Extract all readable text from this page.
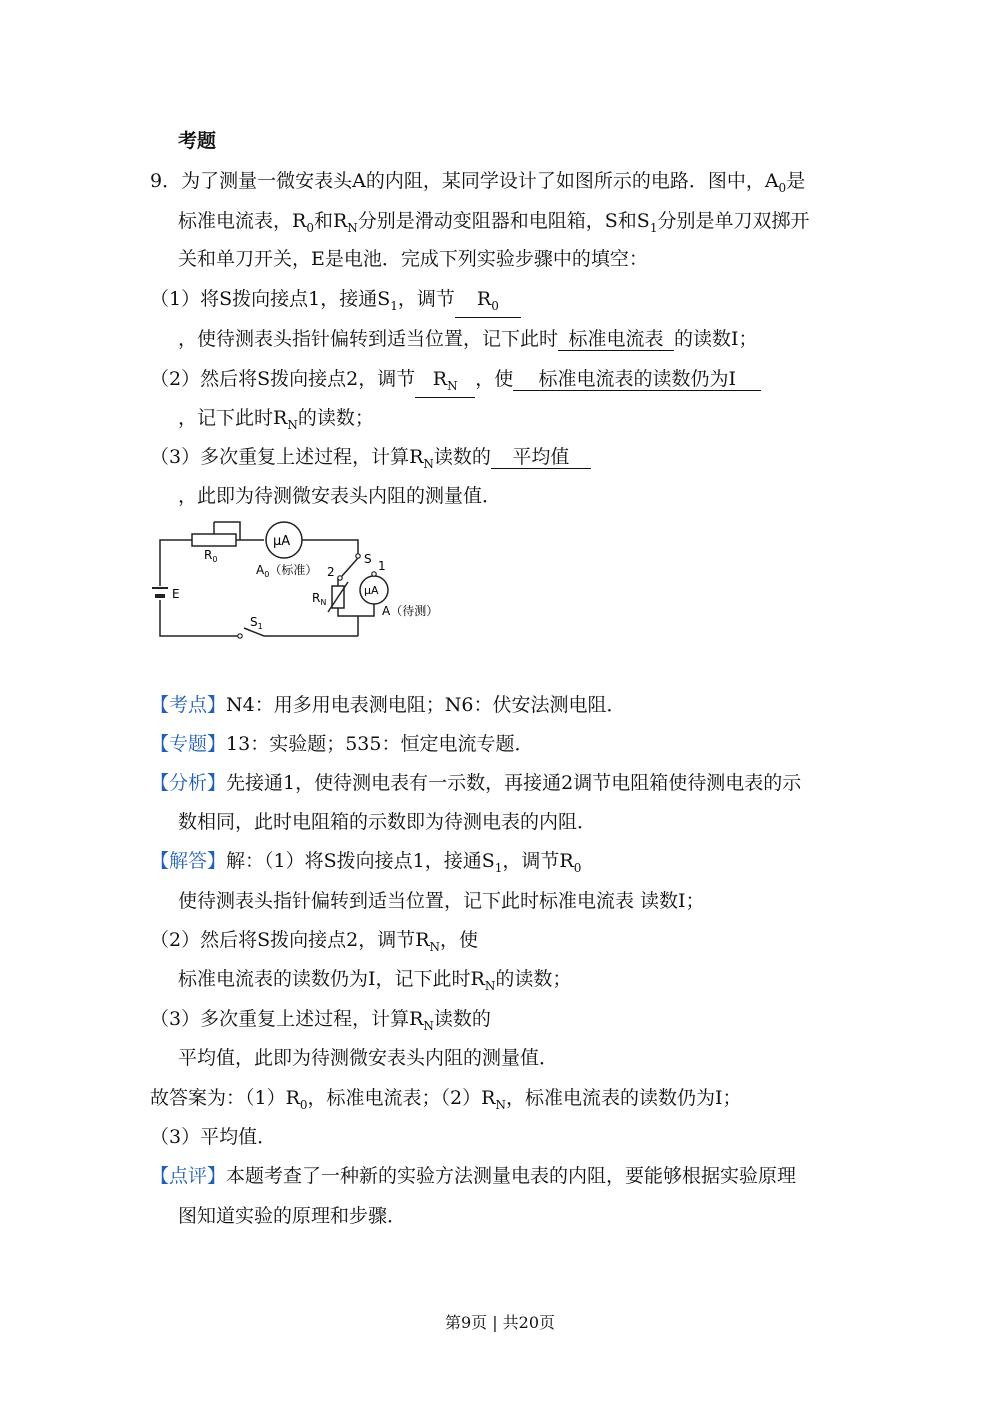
考题
9．为了测量一微安表头A的内阻，某同学设计了如图所示的电路．图中，$A_0$是
标准电流表，$R_0$和$R_N$分别是滑动变阻器和电阻箱，S和$S_1$分别是单刀双掷开
关和单刀开关，E是电池．完成下列实验步骤中的填空：
（1）将S拨向接点1，接通$S_1$，调节 $R_0$
，使待测表头指针偏转到适当位置，记下此时 标准电流表 的读数I；
（2）然后将S拨向接点2，调节 $R_N$ ，使 标准电流表的读数仍为I
，记下此时$R_N$的读数；
（3）多次重复上述过程，计算$R_N$读数的 平均值
，此即为待测微安表头内阻的测量值．
$R_0$
μA
$A_0$（标准）
S
2	1
$R_N$
μA
A（待测）
E
$S_1$
【考点】N4：用多用电表测电阻；N6：伏安法测电阻．
【专题】13：实验题；535：恒定电流专题．
【分析】先接通1，使待测电表有一示数，再接通2调节电阻箱使待测电表的示
数相同，此时电阻箱的示数即为待测电表的内阻．
【解答】解：（1）将S拨向接点1，接通$S_1$，调节$R_0$
使待测表头指针偏转到适当位置，记下此时标准电流表 读数I；
（2）然后将S拨向接点2，调节$R_N$，使
标准电流表的读数仍为I，记下此时$R_N$的读数；
（3）多次重复上述过程，计算$R_N$读数的
平均值，此即为待测微安表头内阻的测量值．
故答案为：$(1)R_0$，标准电流表；$(2)R_N$，标准电流表的读数仍为I；
（3）平均值．
【点评】本题考查了一种新的实验方法测量电表的内阻，要能够根据实验原理
图知道实验的原理和步骤．
第9页 | 共20页
